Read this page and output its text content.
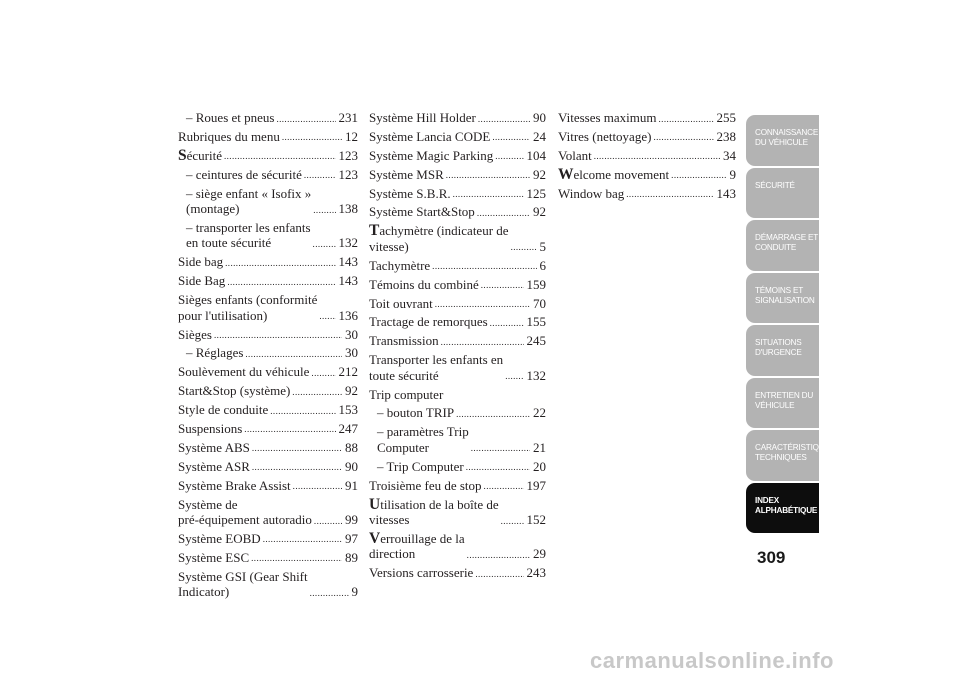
– Roues et pneus .....	231
Rubriques du menu .....	12
Sécurité .....	123
– ceintures de sécurité .....	123
– siège enfant « Isofix »
(montage) .....	138
– transporter les enfants
en toute sécurité .....	132
Side bag .....	143
Side Bag .....	143
Sièges enfants (conformité
pour l'utilisation) .....	136
Sièges .....	30
– Réglages .....	30
Soulèvement du véhicule ..... 212
Start&Stop (système) .....	92
Style de conduite .....	153
Suspensions .....	247
Système ABS .....	88
Système ASR .....	90
Système Brake Assist .....	91
Système de
pré-équipement autoradio .....	99
Système EOBD .....	97
Système ESC .....	89
Système GSI (Gear Shift
Indicator) .....	9
Système Hill Holder .....	90
Système Lancia CODE .....	24
Système Magic Parking .....	104
Système MSR .....	92
Système S.B.R. .....	125
Système Start&Stop .....	92
Tachymètre (indicateur de
vitesse) .....	5
Tachymètre .....	6
Témoins du combiné .....	159
Toit ouvrant .....	70
Tractage de remorques .....	155
Transmission .....	245
Transporter les enfants en
toute sécurité .....	132
Trip computer
– bouton TRIP .....	22
– paramètres Trip
Computer .....	21
– Trip Computer .....	20
Troisième feu de stop .....	197
Utilisation de la boîte de
vitesses .....	152
Verrouillage de la
direction .....	29
Versions carrosserie .....	243
Vitesses maximum .....	255
Vitres (nettoyage) .....	238
Volant .....	34
Welcome movement .....	9
Window bag .....	143
CONNAISSANCE
DU VÉHICULE
SÉCURITÉ
DÉMARRAGE ET
CONDUITE
TÉMOINS ET
SIGNALISATION
SITUATIONS
D'URGENCE
ENTRETIEN DU
VÉHICULE
CARACTÉRISTIQUES
TECHNIQUES
INDEX
ALPHABÉTIQUE
309
carmanualsonline.info
